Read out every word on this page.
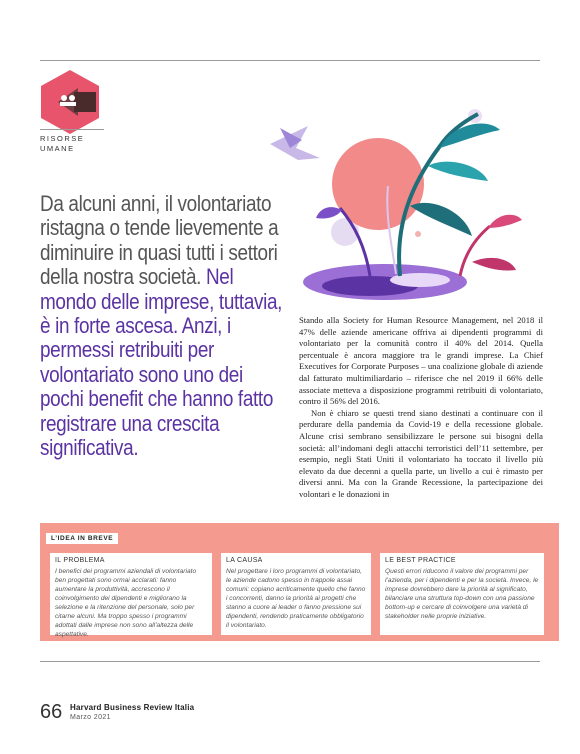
RISORSE UMANE
Da alcuni anni, il volontariato ristagna o tende lievemente a diminuire in quasi tutti i settori della nostra società. Nel mondo delle imprese, tuttavia, è in forte ascesa. Anzi, i permessi retribuiti per volontariato sono uno dei pochi benefit che hanno fatto registrare una crescita significativa.

Stando alla Society for Human Resource Management, nel 2018 il 47% delle aziende americane offriva ai dipendenti programmi di volontariato per la comunità contro il 40% del 2014. Quella percentuale è ancora maggiore tra le grandi imprese. La Chief Executives for Corporate Purposes – una coalizione globale di aziende dal fatturato multimiliardario – riferisce che nel 2019 il 66% delle associate metteva a disposizione programmi retribuiti di volontariato, contro il 56% del 2016.

Non è chiaro se questi trend siano destinati a continuare con il perdurare della pandemia da Covid-19 e della recessione globale. Alcune crisi sembrano sensibilizzare le persone sui bisogni della società: all’indomani degli attacchi terroristici dell’11 settembre, per esempio, negli Stati Uniti il volontariato ha toccato il livello più elevato da due decenni a quella parte, un livello a cui è rimasto per diversi anni. Ma con la Grande Recessione, la partecipazione dei volontari e le donazioni in

L’IDEA IN BREVE
IL PROBLEMA

I benefici dei programmi aziendali di volontariato ben progettati sono ormai acclarati: fanno aumentare la produttività, accrescono il coinvolgimento dei dipendenti e migliorano la selezione e la ritenzione del personale, solo per citarne alcuni. Ma troppo spesso i programmi adottati dalle imprese non sono all’altezza delle aspettative.

LA CAUSA

Nel progettare i loro programmi di volontariato, le aziende cadono spesso in trappole assai comuni: copiano acriticamente quello che fanno i concorrenti, danno la priorità ai progetti che stanno a cuore ai leader o fanno pressione sui dipendenti, rendendo praticamente obbligatorio il volontariato.

LE BEST PRACTICE

Questi errori riducono il valore dei programmi per l’azienda, per i dipendenti e per la società. Invece, le imprese dovrebbero dare la priorità al significato, bilanciare una struttura top-down con una passione bottom-up e cercare di coinvolgere una varietà di stakeholder nelle proprie iniziative.

66 Harvard Business Review Italia
Marzo 2021
